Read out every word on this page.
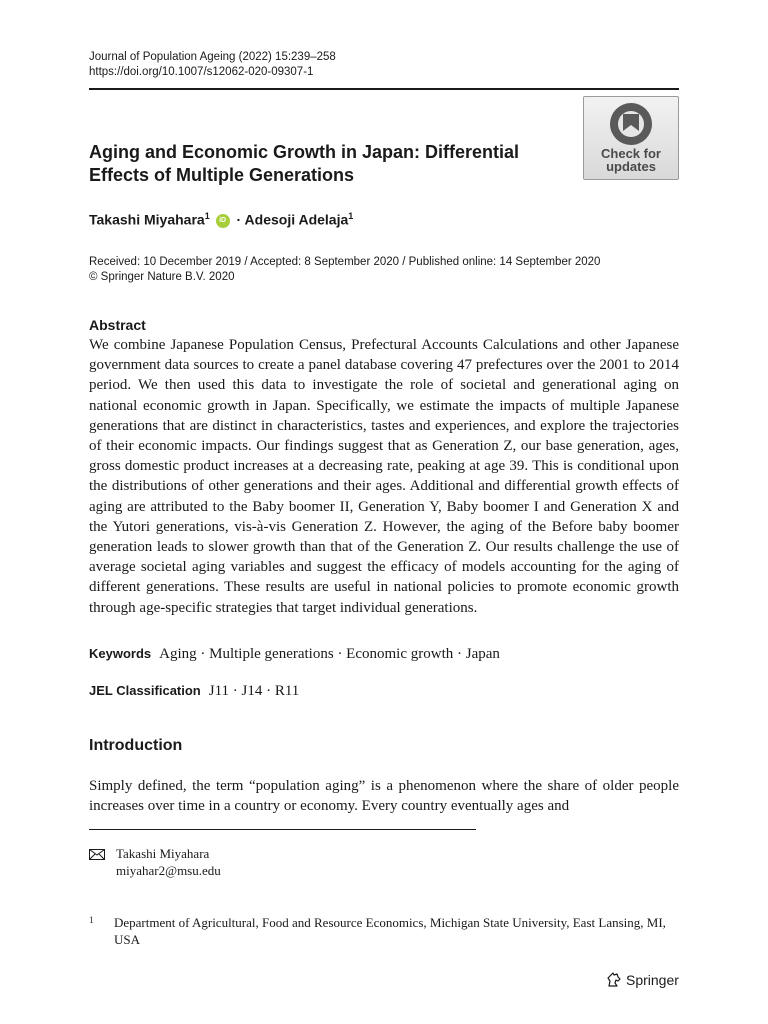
Journal of Population Ageing (2022) 15:239–258
https://doi.org/10.1007/s12062-020-09307-1
Check for
updates
Aging and Economic Growth in Japan: Differential Effects of Multiple Generations
Takashi Miyahara$^1$ iD · Adesoji Adelaja$^1$
Received: 10 December 2019 / Accepted: 8 September 2020 / Published online: 14 September 2020
© Springer Nature B.V. 2020
Abstract
We combine Japanese Population Census, Prefectural Accounts Calculations and other Japanese government data sources to create a panel database covering 47 prefectures over the 2001 to 2014 period. We then used this data to investigate the role of societal and generational aging on national economic growth in Japan. Specifically, we estimate the impacts of multiple Japanese generations that are distinct in characteristics, tastes and experiences, and explore the trajectories of their economic impacts. Our findings suggest that as Generation Z, our base generation, ages, gross domestic product increases at a decreasing rate, peaking at age 39. This is conditional upon the distributions of other generations and their ages. Additional and differential growth effects of aging are attributed to the Baby boomer II, Generation Y, Baby boomer I and Generation X and the Yutori generations, vis-à-vis Generation Z. However, the aging of the Before baby boomer generation leads to slower growth than that of the Generation Z. Our results challenge the use of average societal aging variables and suggest the efficacy of models accounting for the aging of different generations. These results are useful in national policies to promote economic growth through age-specific strategies that target individual generations.
Keywords Aging · Multiple generations · Economic growth · Japan
JEL Classification J11 · J14 · R11
Introduction
Simply defined, the term “population aging” is a phenomenon where the share of older people increases over time in a country or economy. Every country eventually ages and
Takashi Miyahara
miyahar2@msu.edu
1 Department of Agricultural, Food and Resource Economics, Michigan State University, East Lansing, MI, USA
Springer
